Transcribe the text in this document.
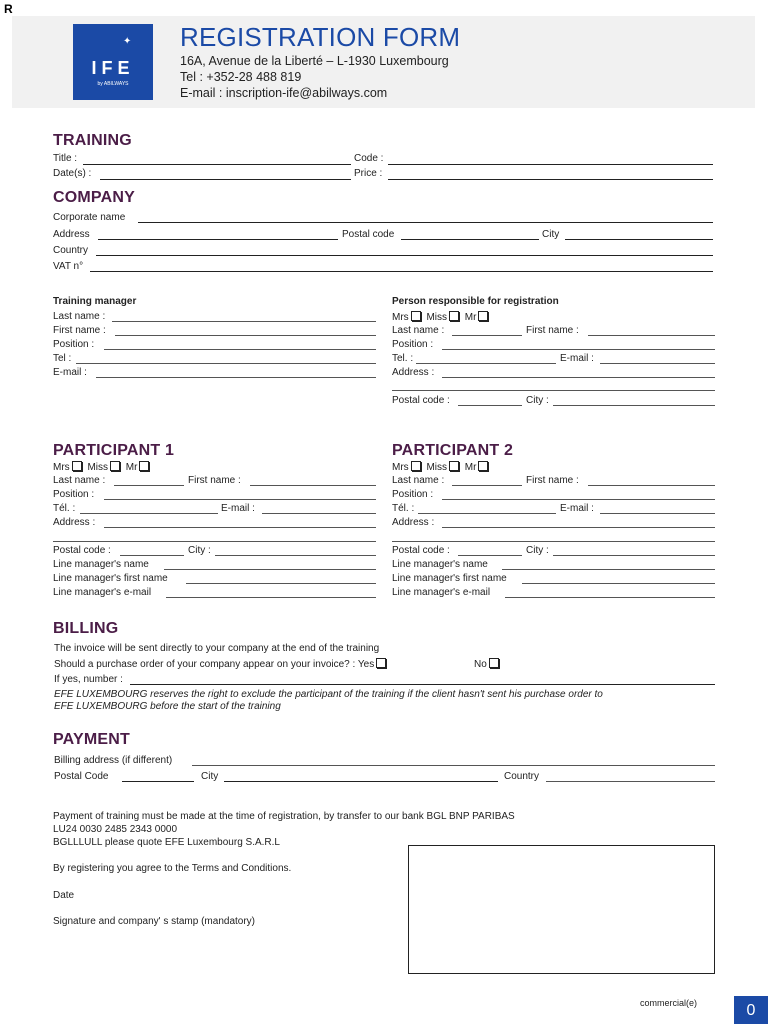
R
✦
IFE
by ABILWAYS
REGISTRATION FORM
16A, Avenue de la Liberté – L-1930 Luxembourg
Tel : +352-28 488 819
E-mail : inscription-ife@abilways.com
TRAINING
Title :	Code :
Date(s) :	Price :
COMPANY
Corporate name
Address	Postal code	City
Country
VAT n°
Training manager
Last name :
First name :
Position :
Tel :
E-mail :
Person responsible for registration
Mrs Miss Mr
Last name :	First name :
Position :
Tel. :	E-mail :
Address :
Postal code :	City :
PARTICIPANT 1
Mrs Miss Mr
Last name :	First name :
Position :
Tél. :	E-mail :
Address :
Postal code :	City :
Line manager's name
Line manager's first name
Line manager's e-mail
PARTICIPANT 2
Mrs Miss Mr
Last name :	First name :
Position :
Tél. :	E-mail :
Address :
Postal code :	City :
Line manager's name
Line manager's first name
Line manager's e-mail
BILLING
The invoice will be sent directly to your company at the end of the training
Should a purchase order of your company appear on your invoice? : Yes	No
If yes, number :
EFE LUXEMBOURG reserves the right to exclude the participant of the training if the client hasn't sent his purchase order to
EFE LUXEMBOURG before the start of the training
PAYMENT
Billing address (if different)
Postal Code	City	Country
Payment of training must be made at the time of registration, by transfer to our bank BGL BNP PARIBAS
LU24 0030 2485 2343 0000
BGLLLULL please quote EFE Luxembourg S.A.R.L
By registering you agree to the Terms and Conditions.
Date
Signature and company' s stamp (mandatory)
commercial(e)	0
